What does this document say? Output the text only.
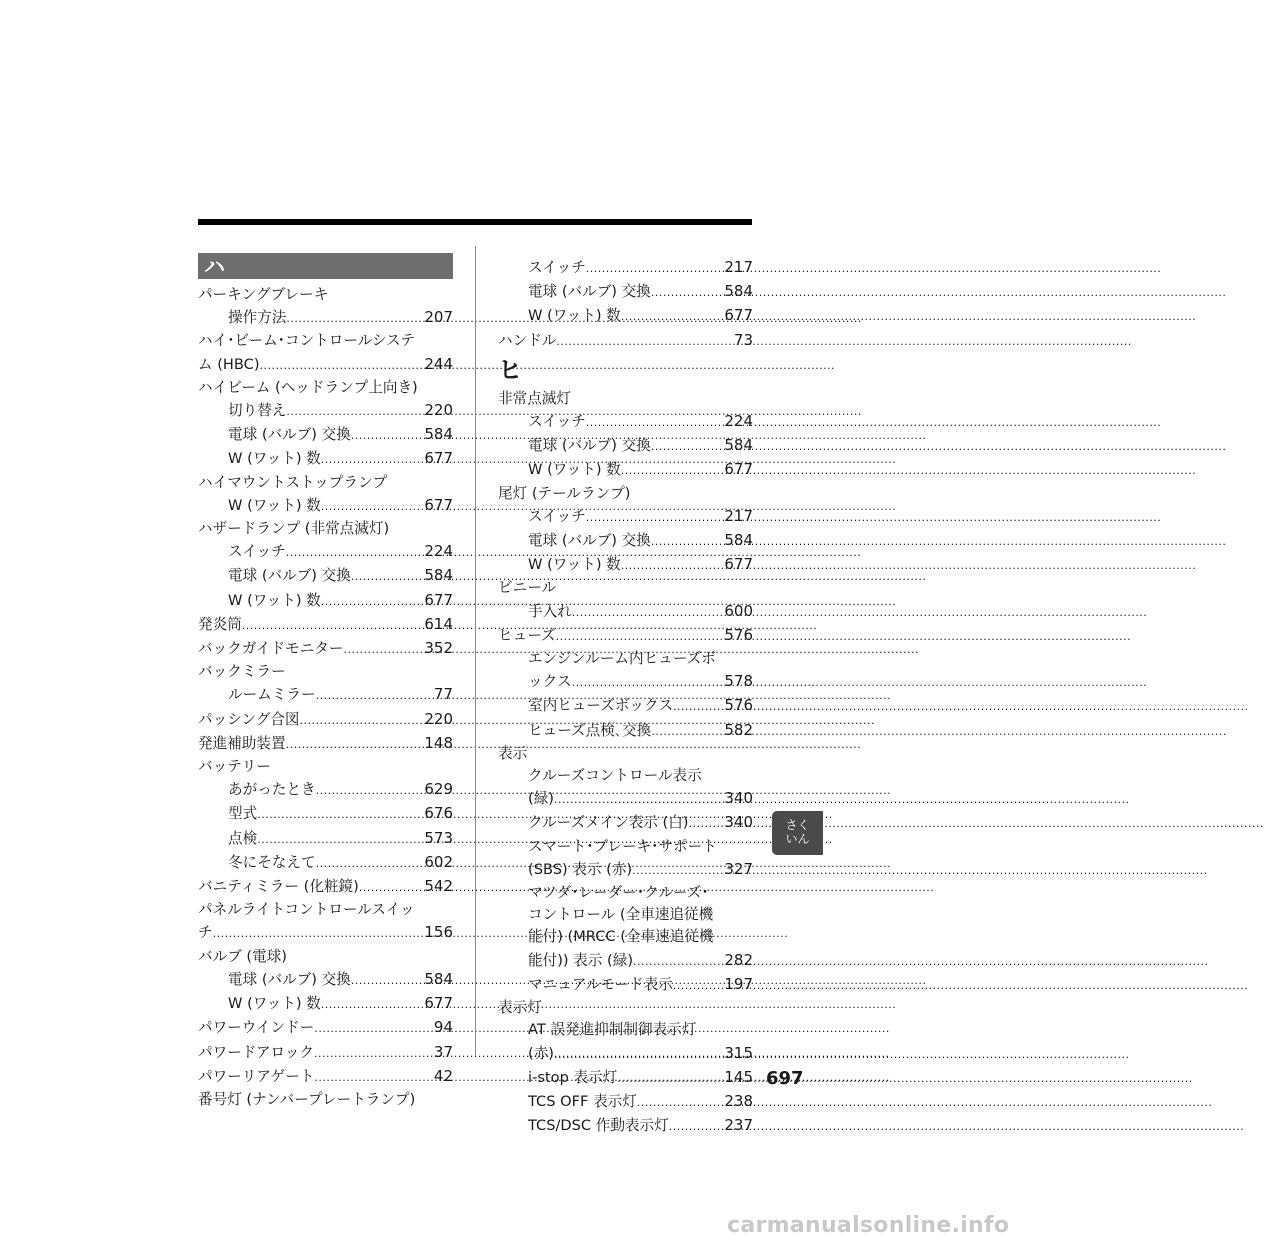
ハ
パーキングブレーキ
操作方法 .....	207
ハイ･ビーム･コントロールシステ
ム (HBC) .....	244
ハイビーム (ヘッドランプ上向き)
切り替え .....	220
電球 (バルブ) 交換 .....	584
W (ワット) 数 .....	677
ハイマウントストップランプ
W (ワット) 数 .....	677
ハザードランプ (非常点滅灯)
スイッチ .....	224
電球 (バルブ) 交換 .....	584
W (ワット) 数 .....	677
発炎筒 .....	614
バックガイドモニター .....	352
バックミラー
ルームミラー .....	77
パッシング合図 .....	220
発進補助装置 .....	148
バッテリー
あがったとき .....	629
型式 .....	676
点検 .....	573
冬にそなえて .....	602
バニティミラー (化粧鏡) .....	542
パネルライトコントロールスイッ
チ .....	156
バルブ (電球)
電球 (バルブ) 交換 .....	584
W (ワット) 数 .....	677
パワーウインドー .....	94
パワードアロック .....	37
パワーリアゲート .....	42
番号灯 (ナンバープレートランプ)
スイッチ .....	217
電球 (バルブ) 交換 .....	584
W (ワット) 数 .....	677
ハンドル .....	73
ヒ
非常点滅灯
スイッチ .....	224
電球 (バルブ) 交換 .....	584
W (ワット) 数 .....	677
尾灯 (テールランプ)
スイッチ .....	217
電球 (バルブ) 交換 .....	584
W (ワット) 数 .....	677
ビニール
手入れ .....	600
ヒューズ .....	576
エンジンルーム内ヒューズボ
ックス .....	578
室内ヒューズボックス .....	576
ヒューズ点検､交換 .....	582
表示
クルーズコントロール表示
(緑) .....	340
クルーズメイン表示 (白) ..... 340
スマート･ブレーキ･サポート
(SBS) 表示 (赤) .....	327
マツダ･レーダー･クルーズ･
コントロール (全車速追従機
能付) (MRCC (全車速追従機
能付)) 表示 (緑) .....	282
マニュアルモード表示 .....	197
表示灯
AT 誤発進抑制制御表示灯
(赤) .....	315
i-stop 表示灯 .....	145
TCS OFF 表示灯 .....	238
TCS/DSC 作動表示灯 .....	237
さく
いん
697
carmanualsonline.info
